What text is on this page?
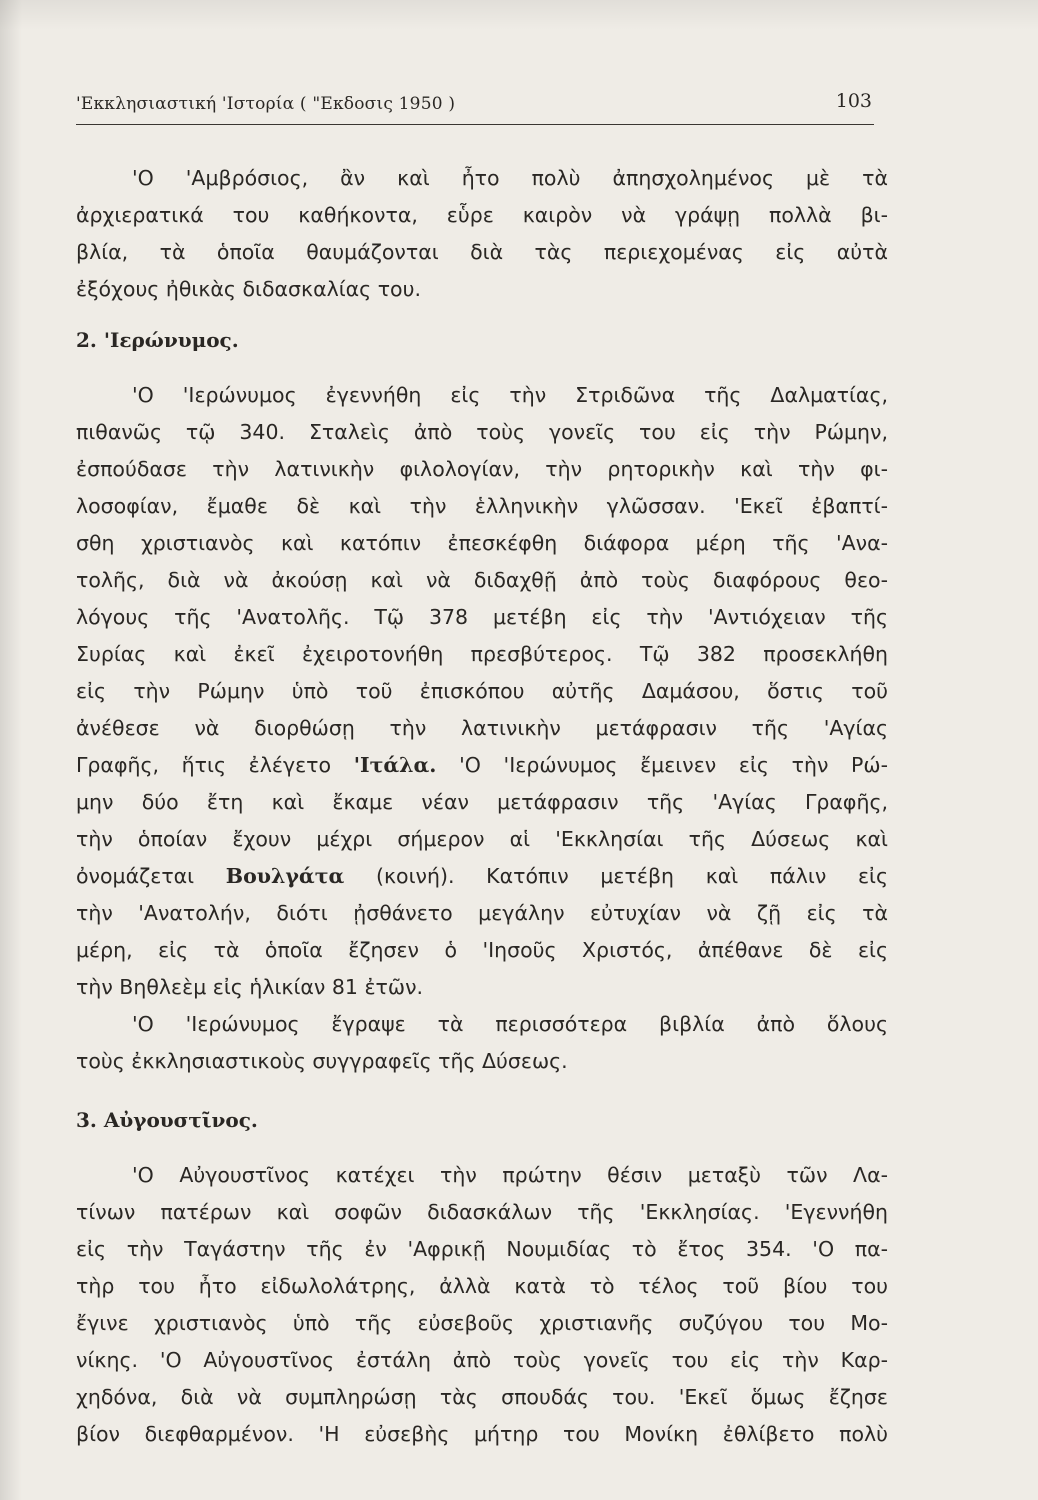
'Εκκλησιαστική 'Ιστορία ( "Εκδοσις 1950 )	103
'Ο 'Αμβρόσιος, ἂν καὶ ἦτο πολὺ ἀπησχολημένος μὲ τὰ
ἀρχιερατικά του καθήκοντα, εὗρε καιρὸν νὰ γράψῃ πολλὰ βι-
βλία, τὰ ὁποῖα θαυμάζονται διὰ τὰς περιεχομένας εἰς αὐτὰ
ἐξόχους ἠθικὰς διδασκαλίας του.
2. 'Ιερώνυμος.
'Ο 'Ιερώνυμος ἐγεννήθη εἰς τὴν Στριδῶνα τῆς Δαλματίας,
πιθανῶς τῷ 340. Σταλεὶς ἀπὸ τοὺς γονεῖς του εἰς τὴν Ρώμην,
ἐσπούδασε τὴν λατινικὴν φιλολογίαν, τὴν ρητορικὴν καὶ τὴν φι-
λοσοφίαν, ἔμαθε δὲ καὶ τὴν ἑλληνικὴν γλῶσσαν. 'Εκεῖ ἐβαπτί-
σθη χριστιανὸς καὶ κατόπιν ἐπεσκέφθη διάφορα μέρη τῆς 'Ανα-
τολῆς, διὰ νὰ ἀκούσῃ καὶ νὰ διδαχθῇ ἀπὸ τοὺς διαφόρους θεο-
λόγους τῆς 'Ανατολῆς. Τῷ 378 μετέβη εἰς τὴν 'Αντιόχειαν τῆς
Συρίας καὶ ἐκεῖ ἐχειροτονήθη πρεσβύτερος. Τῷ 382 προσεκλήθη
εἰς τὴν Ρώμην ὑπὸ τοῦ ἐπισκόπου αὐτῆς Δαμάσου, ὅστις τοῦ
ἀνέθεσε νὰ διορθώσῃ τὴν λατινικὴν μετάφρασιν τῆς 'Αγίας
Γραφῆς, ἥτις ἐλέγετο 'Ιτάλα. 'Ο 'Ιερώνυμος ἔμεινεν εἰς τὴν Ρώ-
μην δύο ἔτη καὶ ἔκαμε νέαν μετάφρασιν τῆς 'Αγίας Γραφῆς,
τὴν ὁποίαν ἔχουν μέχρι σήμερον αἱ 'Εκκλησίαι τῆς Δύσεως καὶ
ὀνομάζεται Βουλγάτα (κοινή). Κατόπιν μετέβη καὶ πάλιν εἰς
τὴν 'Ανατολήν, διότι ᾐσθάνετο μεγάλην εὐτυχίαν νὰ ζῇ εἰς τὰ
μέρη, εἰς τὰ ὁποῖα ἔζησεν ὁ 'Ιησοῦς Χριστός, ἀπέθανε δὲ εἰς
τὴν Βηθλεὲμ εἰς ἡλικίαν 81 ἐτῶν.
'Ο 'Ιερώνυμος ἔγραψε τὰ περισσότερα βιβλία ἀπὸ ὅλους
τοὺς ἐκκλησιαστικοὺς συγγραφεῖς τῆς Δύσεως.
3. Αὐγουστῖνος.
'Ο Αὐγουστῖνος κατέχει τὴν πρώτην θέσιν μεταξὺ τῶν Λα-
τίνων πατέρων καὶ σοφῶν διδασκάλων τῆς 'Εκκλησίας. 'Εγεννήθη
εἰς τὴν Ταγάστην τῆς ἐν 'Αφρικῇ Νουμιδίας τὸ ἔτος 354. 'Ο πα-
τὴρ του ἦτο εἰδωλολάτρης, ἀλλὰ κατὰ τὸ τέλος τοῦ βίου του
ἔγινε χριστιανὸς ὑπὸ τῆς εὐσεβοῦς χριστιανῆς συζύγου του Μο-
νίκης. 'Ο Αὐγουστῖνος ἐστάλη ἀπὸ τοὺς γονεῖς του εἰς τὴν Καρ-
χηδόνα, διὰ νὰ συμπληρώσῃ τὰς σπουδάς του. 'Εκεῖ ὅμως ἔζησε
βίον διεφθαρμένον. 'Η εὐσεβὴς μήτηρ του Μονίκη ἐθλίβετο πολὺ
